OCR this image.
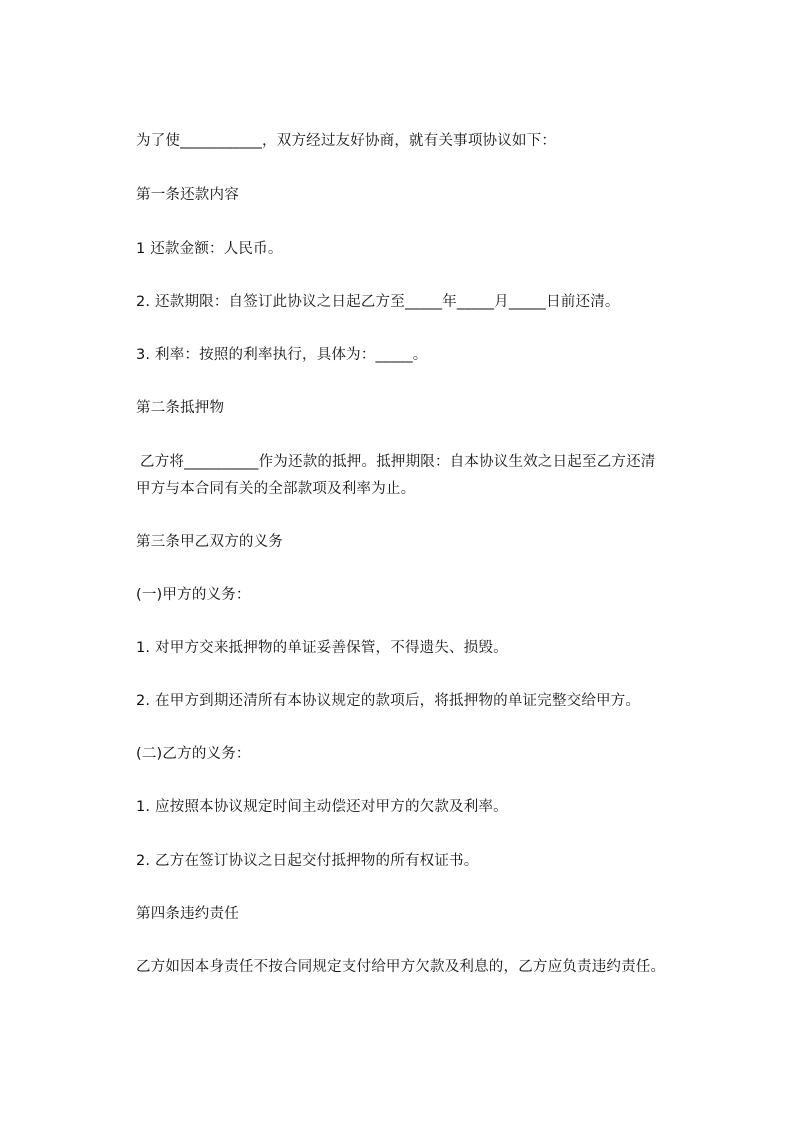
为了使___________，双方经过友好协商，就有关事项协议如下：
第一条还款内容
1 还款金额：人民币。
2. 还款期限：自签订此协议之日起乙方至_____年_____月_____日前还清。
3. 利率：按照的利率执行，具体为：_____。
第二条抵押物
乙方将__________作为还款的抵押。抵押期限：自本协议生效之日起至乙方还清
甲方与本合同有关的全部款项及利率为止。
第三条甲乙双方的义务
(一)甲方的义务：
1. 对甲方交来抵押物的单证妥善保管，不得遗失、损毁。
2. 在甲方到期还清所有本协议规定的款项后，将抵押物的单证完整交给甲方。
(二)乙方的义务：
1. 应按照本协议规定时间主动偿还对甲方的欠款及利率。
2. 乙方在签订协议之日起交付抵押物的所有权证书。
第四条违约责任
乙方如因本身责任不按合同规定支付给甲方欠款及利息的，乙方应负责违约责任。
